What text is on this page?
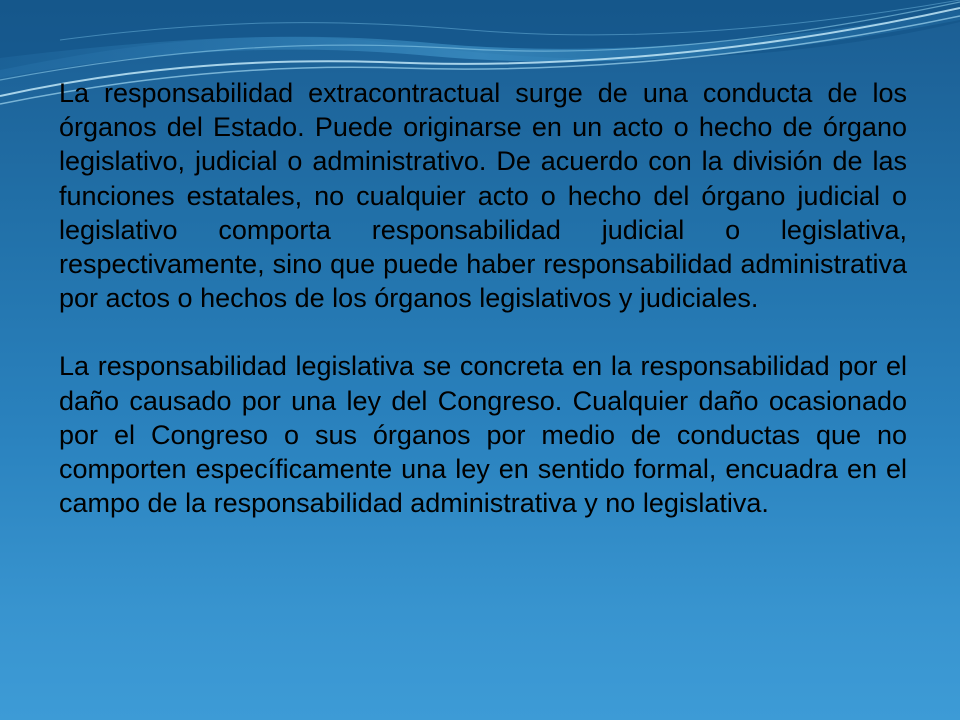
La responsabilidad extracontractual surge de una conducta de los órganos del Estado. Puede originarse en un acto o hecho de órgano legislativo, judicial o administrativo. De acuerdo con la división de las funciones estatales, no cualquier acto o hecho del órgano judicial o legislativo comporta responsabilidad judicial o legislativa, respectivamente, sino que puede haber responsabilidad administrativa por actos o hechos de los órganos legislativos y judiciales.

La responsabilidad legislativa se concreta en la responsabilidad por el daño causado por una ley del Congreso. Cualquier daño ocasionado por el Congreso o sus órganos por medio de conductas que no comporten específicamente una ley en sentido formal, encuadra en el campo de la responsabilidad administrativa y no legislativa.
